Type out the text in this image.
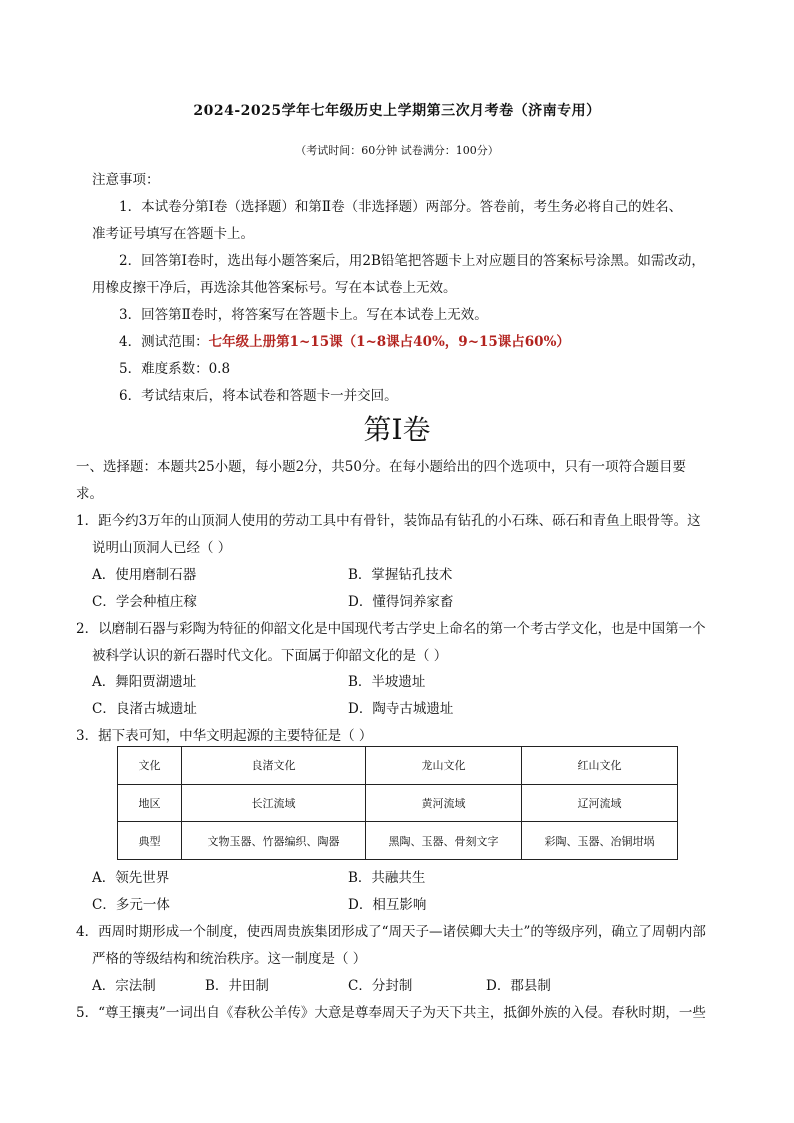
2024-2025学年七年级历史上学期第三次月考卷（济南专用）
（考试时间：60分钟 试卷满分：100分）
注意事项：
1．本试卷分第Ⅰ卷（选择题）和第Ⅱ卷（非选择题）两部分。答卷前，考生务必将自己的姓名、
准考证号填写在答题卡上。
2．回答第Ⅰ卷时，选出每小题答案后，用2B铅笔把答题卡上对应题目的答案标号涂黑。如需改动，
用橡皮擦干净后，再选涂其他答案标号。写在本试卷上无效。
3．回答第Ⅱ卷时，将答案写在答题卡上。写在本试卷上无效。
4．测试范围：七年级上册第1~15课（1~8课占40%，9~15课占60%）
5．难度系数：0.8
6．考试结束后，将本试卷和答题卡一并交回。
第Ⅰ卷
一、选择题：本题共25小题，每小题2分，共50分。在每小题给出的四个选项中，只有一项符合题目要
求。
1．距今约3万年的山顶洞人使用的劳动工具中有骨针，装饰品有钻孔的小石珠、砾石和青鱼上眼骨等。这
说明山顶洞人已经（ ）
A．使用磨制石器	B．掌握钻孔技术
C．学会种植庄稼	D．懂得饲养家畜
2．以磨制石器与彩陶为特征的仰韶文化是中国现代考古学史上命名的第一个考古学文化，也是中国第一个
被科学认识的新石器时代文化。下面属于仰韶文化的是（ ）
A．舞阳贾湖遗址	B．半坡遗址
C．良渚古城遗址	D．陶寺古城遗址
3．据下表可知，中华文明起源的主要特征是（ ）
文化	良渚文化	龙山文化	红山文化
地区	长江流域	黄河流域	辽河流域
典型	文物玉器、竹器编织、陶器	黑陶、玉器、骨刻文字	彩陶、玉器、冶铜坩埚
A．领先世界	B．共融共生
C．多元一体	D．相互影响
4．西周时期形成一个制度，使西周贵族集团形成了“周天子—诸侯卿大夫士”的等级序列，确立了周朝内部
严格的等级结构和统治秩序。这一制度是（ ）
A．宗法制	B．井田制	C．分封制	D．郡县制
5．“尊王攘夷”一词出自《春秋公羊传》大意是尊奉周天子为天下共主，抵御外族的入侵。春秋时期，一些
